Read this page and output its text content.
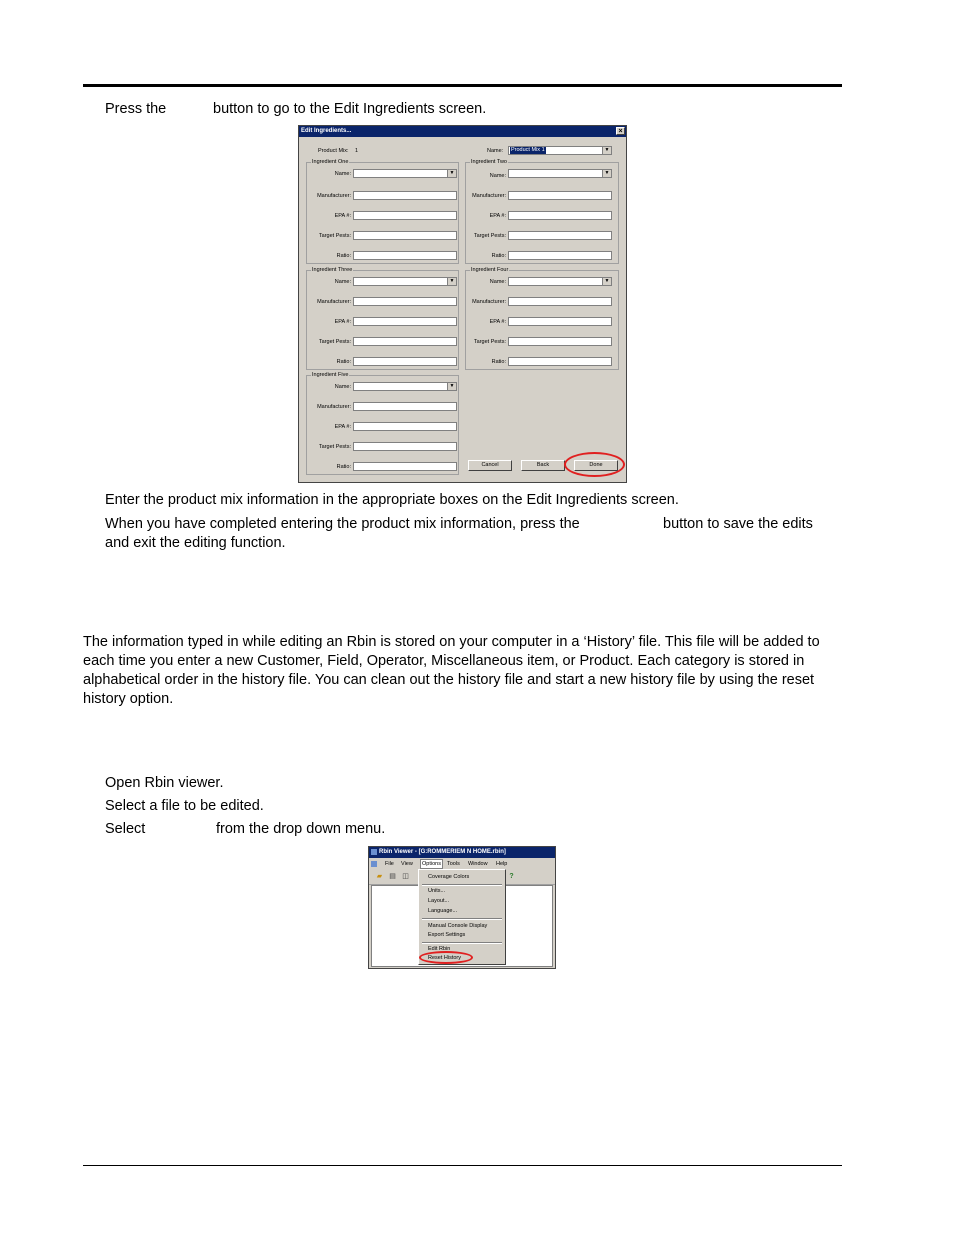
Press the	button to go to the Edit Ingredients screen.
Edit Ingredients...	×
Product Mix: 1	Name: Product Mix 1	▼
Ingredient One
Name:	▼
Manufacturer:
EPA #:
Target Pests:
Ratio:
Ingredient Two
Name:	▼
Manufacturer:
EPA #:
Target Pests:
Ratio:
Ingredient Three
Name:	▼
Manufacturer:
EPA #:
Target Pests:
Ratio:
Ingredient Four
Name:	▼
Manufacturer:
EPA #:
Target Pests:
Ratio:
Ingredient Five
Name:	▼
Manufacturer:
EPA #:
Target Pests:
Ratio:	Cancel	Back	Done
Enter the product mix information in the appropriate boxes on the Edit Ingredients screen.
When you have completed entering the product mix information, press the	button to save the edits
and exit the editing function.
The information typed in while editing an Rbin is stored on your computer in a ‘History’ file. This file will be added to each time you enter a new Customer, Field, Operator, Miscellaneous item, or Product. Each category is stored in alphabetical order in the history file. You can clean out the history file and start a new history file by using the reset history option.
Open Rbin viewer.
Select a file to be edited.
Select	from the drop down menu.
Rbin Viewer - [G:ROMMERIEM N HOME.rbin]
File View	Options	Tools Window Help
▰ ▤ ◫	?
Coverage Colors
Units...
Layout...
Language...
Manual Console Display
Export Settings
Edit Rbin
Reset History
